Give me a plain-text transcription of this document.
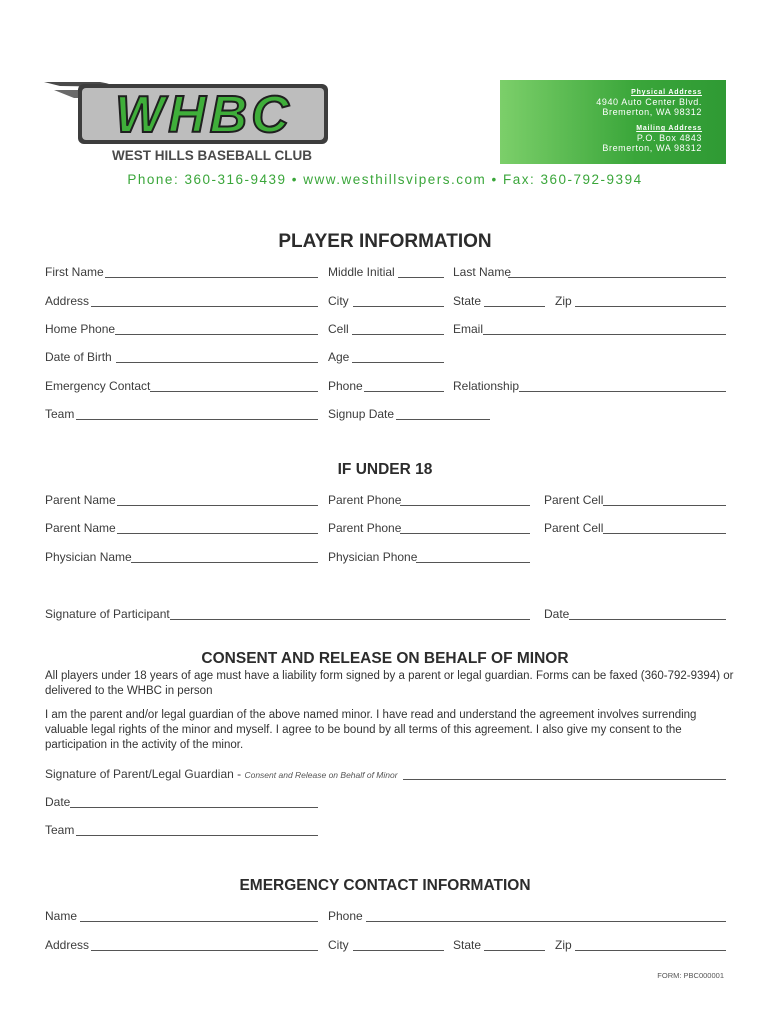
WHBC
WEST HILLS BASEBALL CLUB
Physical Address
4940 Auto Center Blvd.
Bremerton, WA 98312
Mailing Address
P.O. Box 4843
Bremerton, WA 98312
Phone: 360-316-9439 • www.westhillsvipers.com • Fax: 360-792-9394
PLAYER INFORMATION
First Name	Middle Initial	Last Name
Address	City	State	Zip
Home Phone	Cell	Email
Date of Birth	Age
Emergency Contact	Phone	Relationship
Team	Signup Date
IF UNDER 18
Parent Name	Parent Phone	Parent Cell
Parent Name	Parent Phone	Parent Cell
Physician Name	Physician Phone
Signature of Participant	Date
CONSENT AND RELEASE ON BEHALF OF MINOR
All players under 18 years of age must have a liability form signed by a parent or legal guardian. Forms can be faxed (360-792-9394) or delivered to the WHBC in person
I am the parent and/or legal guardian of the above named minor. I have read and understand the agreement involves surrending valuable legal rights of the minor and myself. I agree to be bound by all terms of this agreement. I also give my consent to the participation in the activity of the minor.
Signature of Parent/Legal Guardian - Consent and Release on Behalf of Minor
Date
Team
EMERGENCY CONTACT INFORMATION
Name	Phone
Address	City	State	Zip
FORM: PBC000001
